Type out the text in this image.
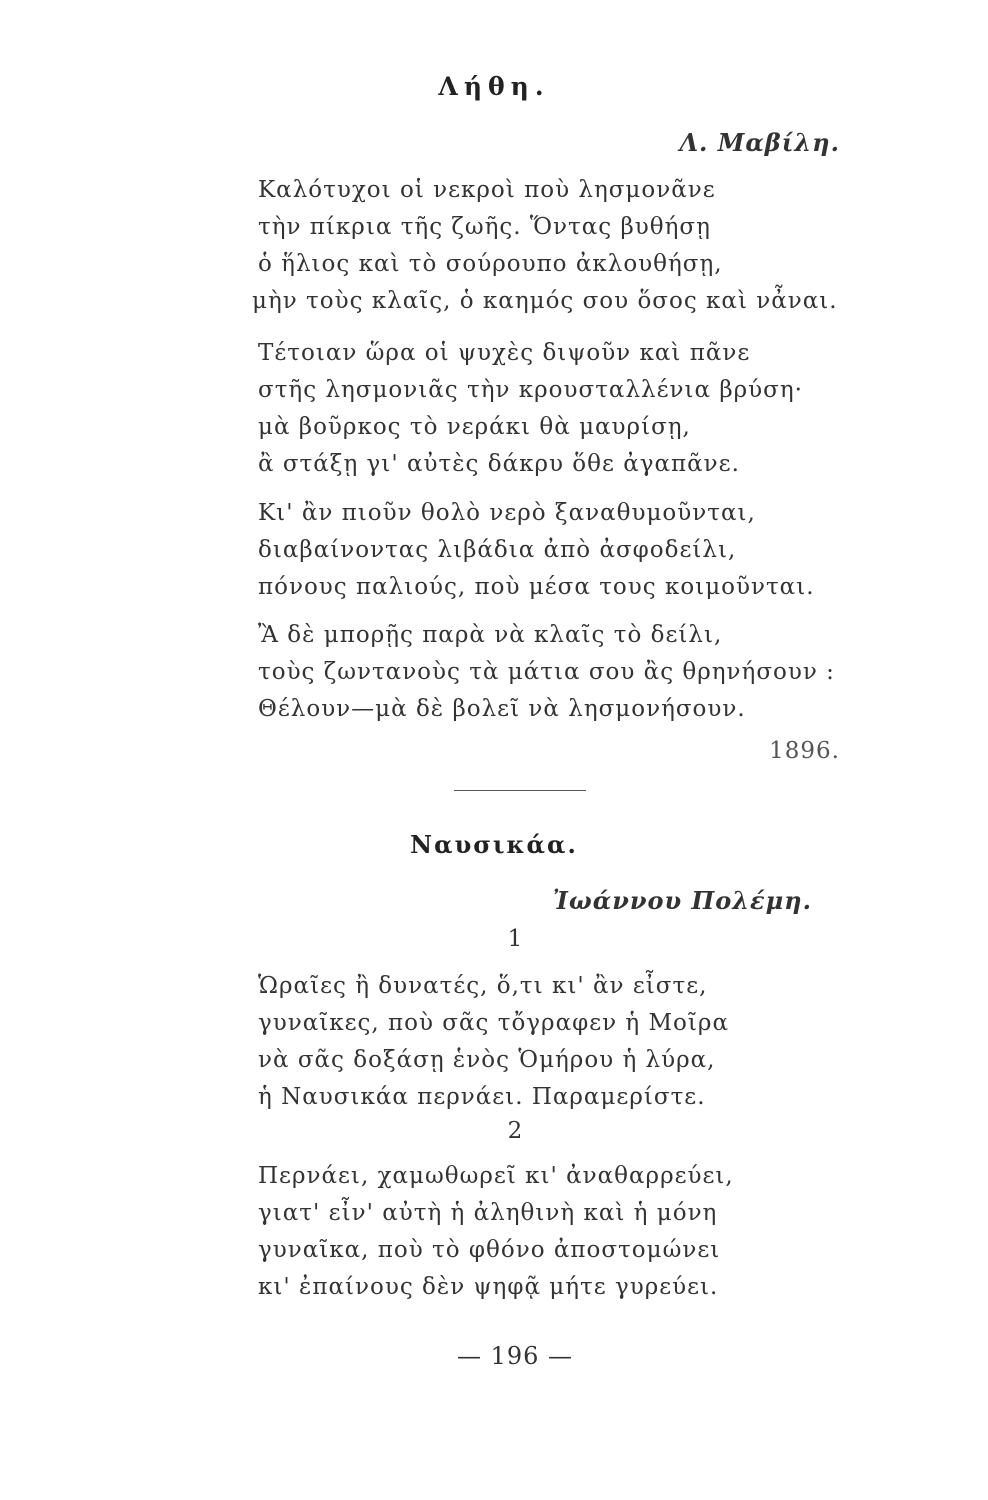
Λήθη.
Λ. Μαβίλη.
Καλότυχοι οἱ νεκροὶ ποὺ λησμονᾶνε
τὴν πίκρια τῆς ζωῆς. Ὅντας βυθήσῃ
ὁ ἥλιος καὶ τὸ σούρουπο ἀκλουθήσῃ,
μὴν τοὺς κλαῖς, ὁ καημός σου ὅσος καὶ νἆναι.
Τέτοιαν ὥρα οἱ ψυχὲς διψοῦν καὶ πᾶνε
στῆς λησμονιᾶς τὴν κρουσταλλένια βρύση·
μὰ βοῦρκος τὸ νεράκι θὰ μαυρίσῃ,
ἂ στάξῃ γι' αὐτὲς δάκρυ ὅθε ἀγαπᾶνε.
Κι' ἂν πιοῦν θολὸ νερὸ ξαναθυμοῦνται,
διαβαίνοντας λιβάδια ἀπὸ ἀσφοδείλι,
πόνους παλιούς, ποὺ μέσα τους κοιμοῦνται.
Ἂ δὲ μπορῇς παρὰ νὰ κλαῖς τὸ δείλι,
τοὺς ζωντανοὺς τὰ μάτια σου ἂς θρηνήσουν :
Θέλουν—μὰ δὲ βολεῖ νὰ λησμονήσουν.
1896.
Ναυσικάα.
Ἰωάννου Πολέμη.
1
Ὡραῖες ἢ δυνατές, ὅ,τι κι' ἂν εἶστε,
γυναῖκες, ποὺ σᾶς τὄγραφεν ἡ Μοῖρα
νὰ σᾶς δοξάσῃ ἑνὸς Ὁμήρου ἡ λύρα,
ἡ Ναυσικάα περνάει. Παραμερίστε.
2
Περνάει, χαμωθωρεῖ κι' ἀναθαρρεύει,
γιατ' εἶν' αὐτὴ ἡ ἀληθινὴ καὶ ἡ μόνη
γυναῖκα, ποὺ τὸ φθόνο ἀποστομώνει
κι' ἐπαίνους δὲν ψηφᾷ μήτε γυρεύει.
— 196 —
